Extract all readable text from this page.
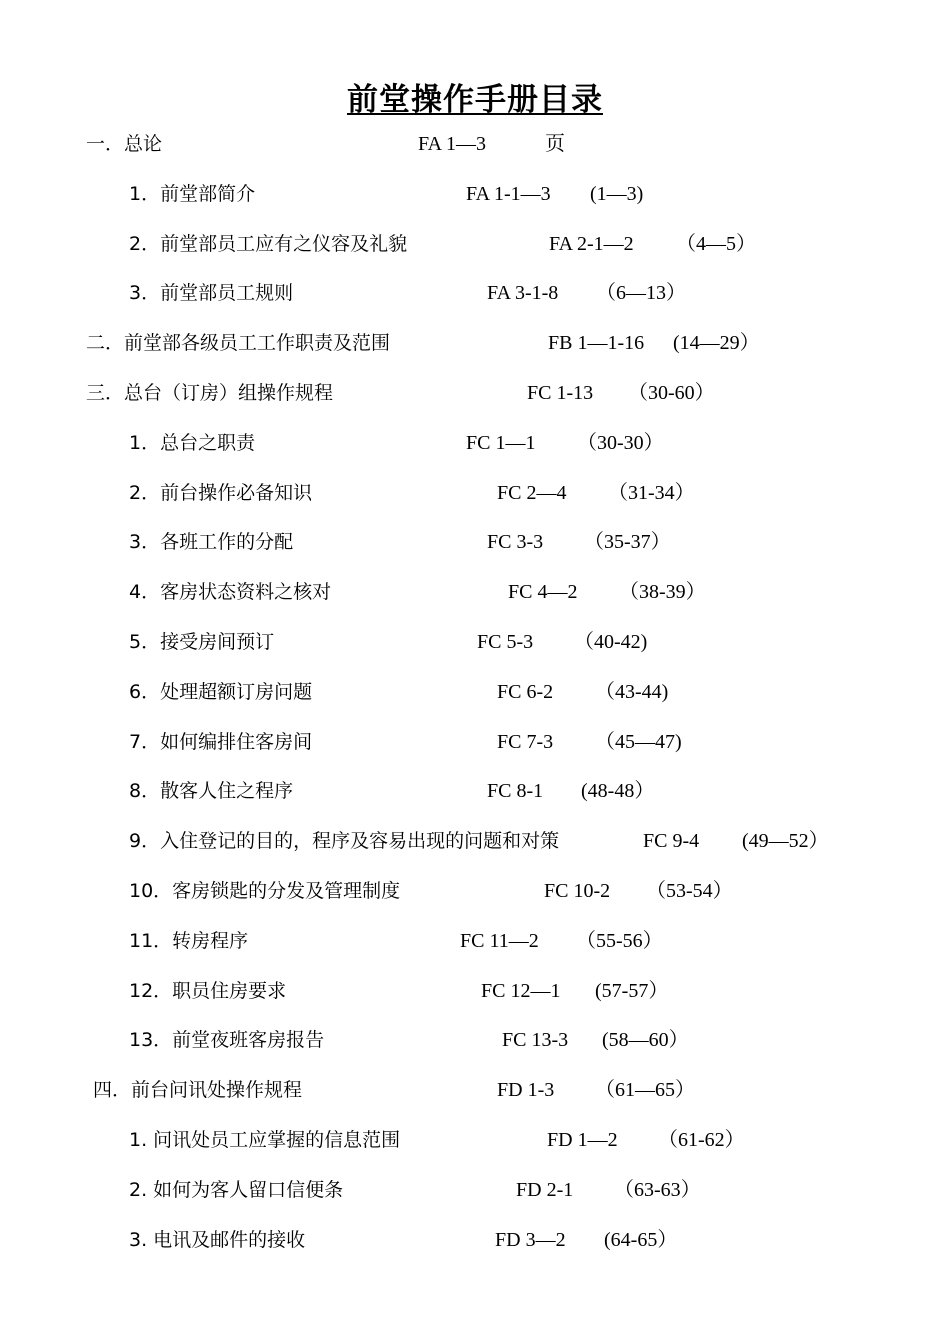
前堂操作手册目录
一．总论	FA 1—3	页
1．前堂部简介	FA 1-1—3 (1—3)
2．前堂部员工应有之仪容及礼貌	FA 2-1—2 （4—5）
3．前堂部员工规则	FA 3-1-8 （6—13）
二．前堂部各级员工工作职责及范围	FB 1—1-16 (14—29）
三．总台（订房）组操作规程	FC 1-13 （30-60）
1．总台之职责	FC 1—1 （30-30）
2．前台操作必备知识	FC 2—4 （31-34）
3．各班工作的分配	FC 3-3 （35-37）
4．客房状态资料之核对	FC 4—2 （38-39）
5．接受房间预订	FC 5-3 （40-42)
6．处理超额订房问题	FC 6-2 （43-44)
7．如何编排住客房间	FC 7-3 （45—47)
8．散客人住之程序	FC 8-1 (48-48）
9．入住登记的目的，程序及容易出现的问题和对策	FC 9-4 (49—52）
10．客房锁匙的分发及管理制度	FC 10-2 （53-54）
11．转房程序	FC 11—2 （55-56）
12．职员住房要求	FC 12—1 (57-57）
13．前堂夜班客房报告	FC 13-3 (58—60）
四．前台问讯处操作规程	FD 1-3 （61—65）
1. 问讯处员工应掌握的信息范围	FD 1—2 （61-62）
2. 如何为客人留口信便条	FD 2-1 （63-63）
3. 电讯及邮件的接收	FD 3—2 (64-65）
